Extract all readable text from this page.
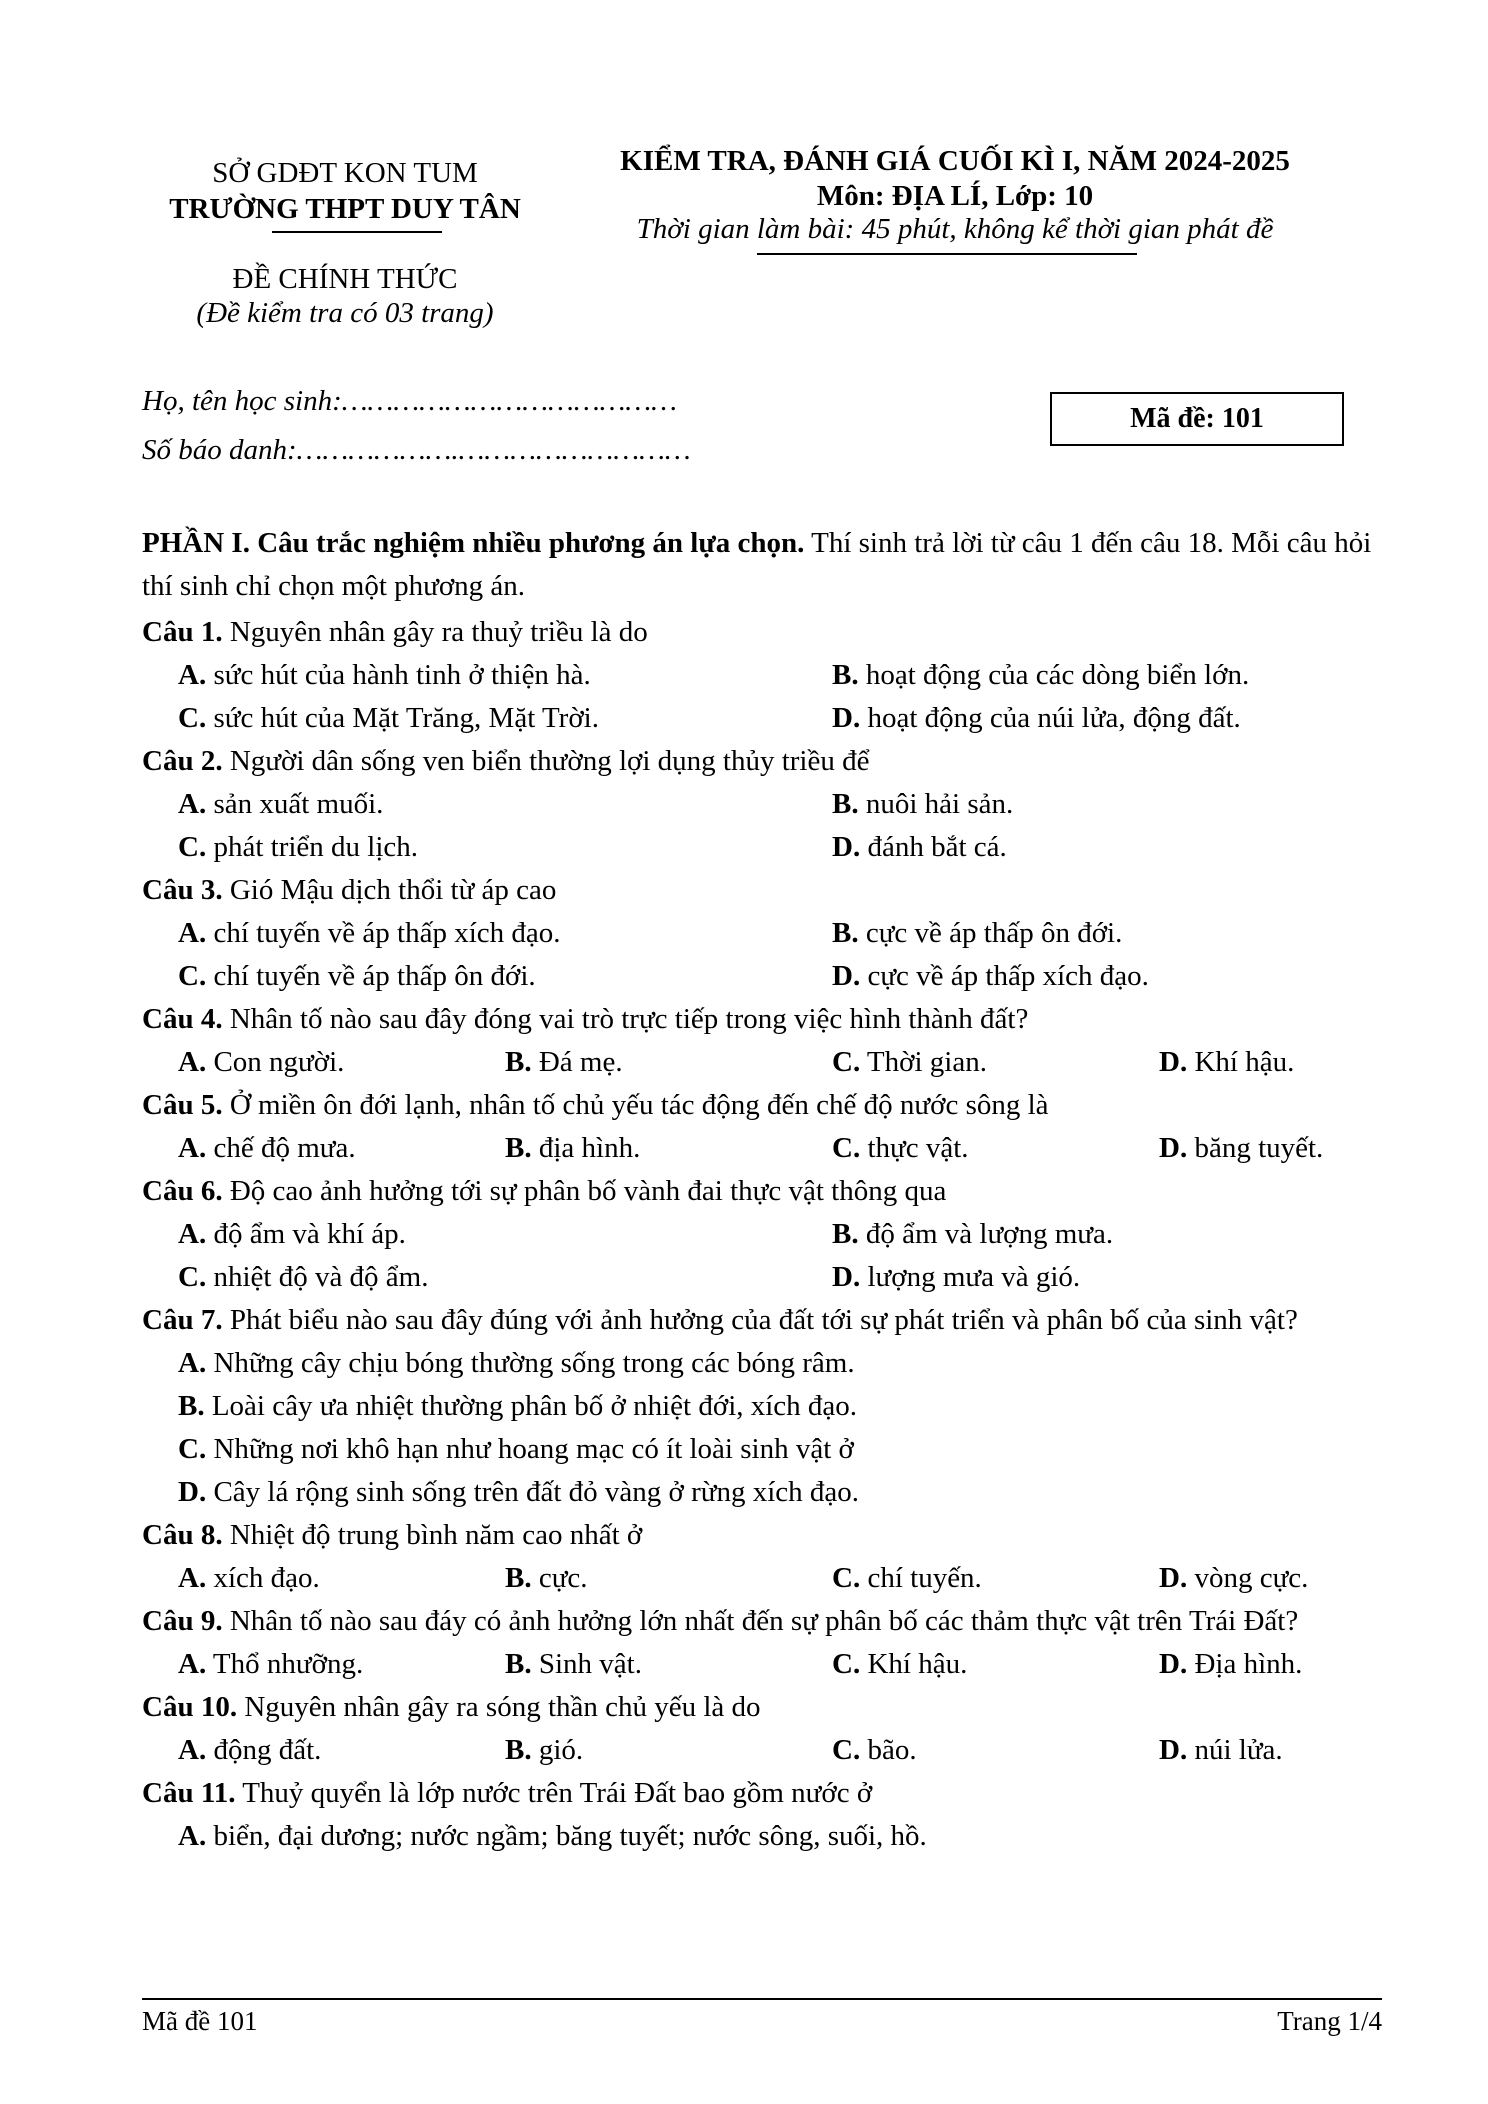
SỞ GDĐT KON TUM
TRƯỜNG THPT DUY TÂN
ĐỀ CHÍNH THỨC
(Đề kiểm tra có 03 trang)
KIỂM TRA, ĐÁNH GIÁ CUỐI KÌ I, NĂM 2024-2025
Môn: ĐỊA LÍ, Lớp: 10
Thời gian làm bài: 45 phút, không kể thời gian phát đề
Họ, tên học sinh:…………………………………
Số báo danh:……………….………………………
Mã đề: 101

PHẦN I. Câu trắc nghiệm nhiều phương án lựa chọn. Thí sinh trả lời từ câu 1 đến câu 18. Mỗi câu hỏi thí sinh chỉ chọn một phương án.

Câu 1. Nguyên nhân gây ra thuỷ triều là do

A. sức hút của hành tinh ở thiện hà.	B. hoạt động của các dòng biển lớn.
C. sức hút của Mặt Trăng, Mặt Trời.	D. hoạt động của núi lửa, động đất.

Câu 2. Người dân sống ven biển thường lợi dụng thủy triều để

A. sản xuất muối.	B. nuôi hải sản.
C. phát triển du lịch.	D. đánh bắt cá.

Câu 3. Gió Mậu dịch thổi từ áp cao

A. chí tuyến về áp thấp xích đạo.	B. cực về áp thấp ôn đới.
C. chí tuyến về áp thấp ôn đới.	D. cực về áp thấp xích đạo.

Câu 4. Nhân tố nào sau đây đóng vai trò trực tiếp trong việc hình thành đất?

A. Con người.	B. Đá mẹ.	C. Thời gian.	D. Khí hậu.

Câu 5. Ở miền ôn đới lạnh, nhân tố chủ yếu tác động đến chế độ nước sông là

A. chế độ mưa.	B. địa hình.	C. thực vật.	D. băng tuyết.

Câu 6. Độ cao ảnh hưởng tới sự phân bố vành đai thực vật thông qua

A. độ ẩm và khí áp.	B. độ ẩm và lượng mưa.
C. nhiệt độ và độ ẩm.	D. lượng mưa và gió.

Câu 7. Phát biểu nào sau đây đúng với ảnh hưởng của đất tới sự phát triển và phân bố của sinh vật?

A. Những cây chịu bóng thường sống trong các bóng râm.
B. Loài cây ưa nhiệt thường phân bố ở nhiệt đới, xích đạo.
C. Những nơi khô hạn như hoang mạc có ít loài sinh vật ở
D. Cây lá rộng sinh sống trên đất đỏ vàng ở rừng xích đạo.

Câu 8. Nhiệt độ trung bình năm cao nhất ở

A. xích đạo.	B. cực.	C. chí tuyến.	D. vòng cực.

Câu 9. Nhân tố nào sau đáy có ảnh hưởng lớn nhất đến sự phân bố các thảm thực vật trên Trái Đất?

A. Thổ nhưỡng.	B. Sinh vật.	C. Khí hậu.	D. Địa hình.

Câu 10. Nguyên nhân gây ra sóng thần chủ yếu là do

A. động đất.	B. gió.	C. bão.	D. núi lửa.

Câu 11. Thuỷ quyển là lớp nước trên Trái Đất bao gồm nước ở

A. biển, đại dương; nước ngầm; băng tuyết; nước sông, suối, hồ.
Mã đề 101	Trang 1/4
